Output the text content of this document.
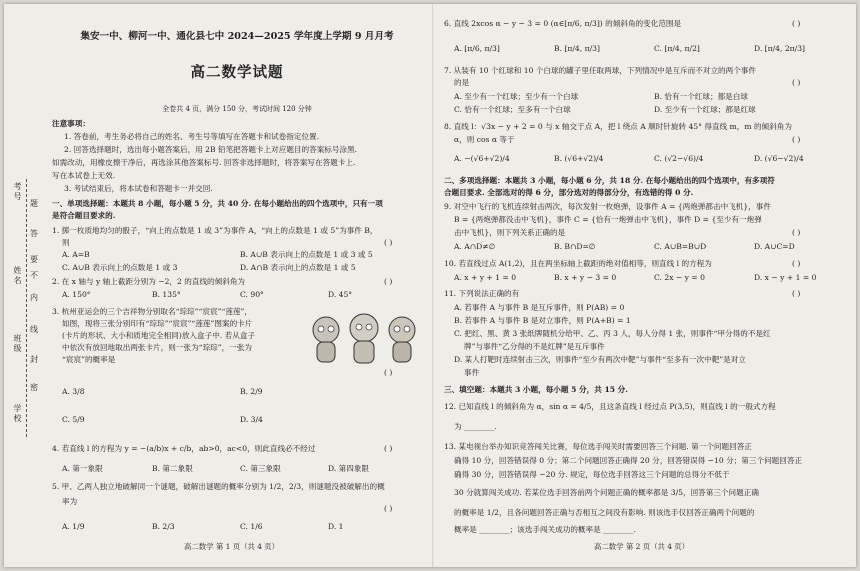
考号
姓名
班级
学校
题
答
要
不
内
线
封
密
集安一中、柳河一中、通化县七中 2024—2025 学年度上学期 9 月月考
高二数学试题
全卷共 4 页，满分 150 分，考试时间 120 分钟
注意事项：
1. 答卷前，考生务必将自己的姓名、考生号等填写在答题卡和试卷指定位置.
2. 回答选择题时，选出每小题答案后，用 2B 铅笔把答题卡上对应题目的答案标号涂黑.
如需改动，用橡皮擦干净后，再选涂其他答案标号. 回答非选择题时，将答案写在答题卡上.
写在本试卷上无效.
3. 考试结束后，将本试卷和答题卡一并交回.
一、单项选择题：本题共 8 小题，每小题 5 分，共 40 分. 在每小题给出的四个选项中，只有一项
是符合题目要求的.
1. 掷一枚质地均匀的骰子，“向上的点数是 1 或 3”为事件 A，“向上的点数是 1 或 5”为事件 B，
则	( )
A. A=B	B. A∪B 表示向上的点数是 1 或 3 或 5
C. A∪B 表示向上的点数是 1 或 3	D. A∩B 表示向上的点数是 1 或 5
2. 在 x 轴与 y 轴上截距分别为 −2，2 的直线的倾斜角为	( )
A. 150°	B. 135°	C. 90°	D. 45°
3. 杭州亚运会的三个吉祥物分别取名“琮琮”“宸宸”“莲莲”，
如图，现将三张分别印有“琮琮”“宸宸”“莲莲”图案的卡片
(卡片的形状、大小和质地完全相同)放入盒子中. 若从盒子
中依次有放回地取出两张卡片，则一张为“琮琮”，一张为
“宸宸”的概率是
( )
A. 3/8	B. 2/9
C. 5/9	D. 3/4
4. 若直线 l 的方程为 y = −(a/b)x + c/b，ab>0，ac<0，则此直线必不经过	( )
A. 第一象限	B. 第二象限	C. 第三象限	D. 第四象限
5. 甲、乙两人独立地破解同一个谜题，破解出谜题的概率分别为 1/2，2/3，则谜题没被破解出的概
率为
( )
A. 1/9	B. 2/3	C. 1/6	D. 1
高二数学 第 1 页（共 4 页）
6. 直线 2xcos α − y − 3 = 0 (α∈[π/6, π/3]) 的倾斜角的变化范围是	( )
A. [π/6, π/3]	B. [π/4, π/3]	C. [π/4, π/2]	D. [π/4, 2π/3]
7. 从装有 10 个红球和 10 个白球的罐子里任取两球，下列情况中是互斥而不对立的两个事件
的是	( )
A. 至少有一个红球；至少有一个白球	B. 恰有一个红球；都是白球
C. 恰有一个红球；至多有一个白球	D. 至少有一个红球；都是红球
8. 直线 l：√3x − y + 2 = 0 与 x 轴交于点 A，把 l 绕点 A 顺时针旋转 45° 得直线 m，m 的倾斜角为
α，则 cos α 等于	( )
A. −(√6+√2)/4	B. (√6+√2)/4	C. (√2−√6)/4	D. (√6−√2)/4
二、多项选择题：本题共 3 小题，每小题 6 分，共 18 分. 在每小题给出的四个选项中，有多项符
合题目要求. 全部选对的得 6 分，部分选对的得部分分，有选错的得 0 分.
9. 对空中飞行的飞机连续射击两次，每次发射一枚炮弹，设事件 A = {两炮弹都击中飞机}，事件
B = {两炮弹都没击中飞机}，事件 C = {恰有一炮弹击中飞机}，事件 D = {至少有一炮弹
击中飞机}，则下列关系正确的是	( )
A. A∩D≠∅	B. B∩D=∅	C. A∪B=B∪D	D. A∪C=D
10. 若直线过点 A(1,2)，且在两坐标轴上截距的绝对值相等，则直线 l 的方程为	( )
A. x + y + 1 = 0	B. x + y − 3 = 0	C. 2x − y = 0	D. x − y + 1 = 0
11. 下列说法正确的有	( )
A. 若事件 A 与事件 B 是互斥事件，则 P(AB) = 0
B. 若事件 A 与事件 B 是对立事件，则 P(A+B) = 1
C. 把红、黑、黄 3 张纸牌随机分给甲、乙、丙 3 人，每人分得 1 张，则事件“甲分得的不是红
牌”与事件“乙分得的不是红牌”是互斥事件
D. 某人打靶时连续射击三次，则事件“至少有两次中靶”与事件“至多有一次中靶”是对立
事件
三、填空题：本题共 3 小题，每小题 5 分，共 15 分.
12. 已知直线 l 的倾斜角为 α，sin α = 4/5，且这条直线 l 经过点 P(3,5)，则直线 l 的一般式方程
为 ________.
13. 某电视台举办知识竞答闯关比赛，每位选手闯关时需要回答三个问题. 第一个问题回答正
确得 10 分，回答错误得 0 分；第二个问题回答正确得 20 分，回答错误得 −10 分；第三个问题回答正
确得 30 分，回答错误得 −20 分. 规定，每位选手回答这三个问题的总得分不低于
30 分就算闯关成功. 若某位选手回答前两个问题正确的概率都是 3/5，回答第三个问题正确
的概率是 1/2，且各问题回答正确与否相互之间没有影响. 则该选手仅回答正确两个问题的
概率是 ________；该选手闯关成功的概率是 ________.
高二数学 第 2 页（共 4 页）
